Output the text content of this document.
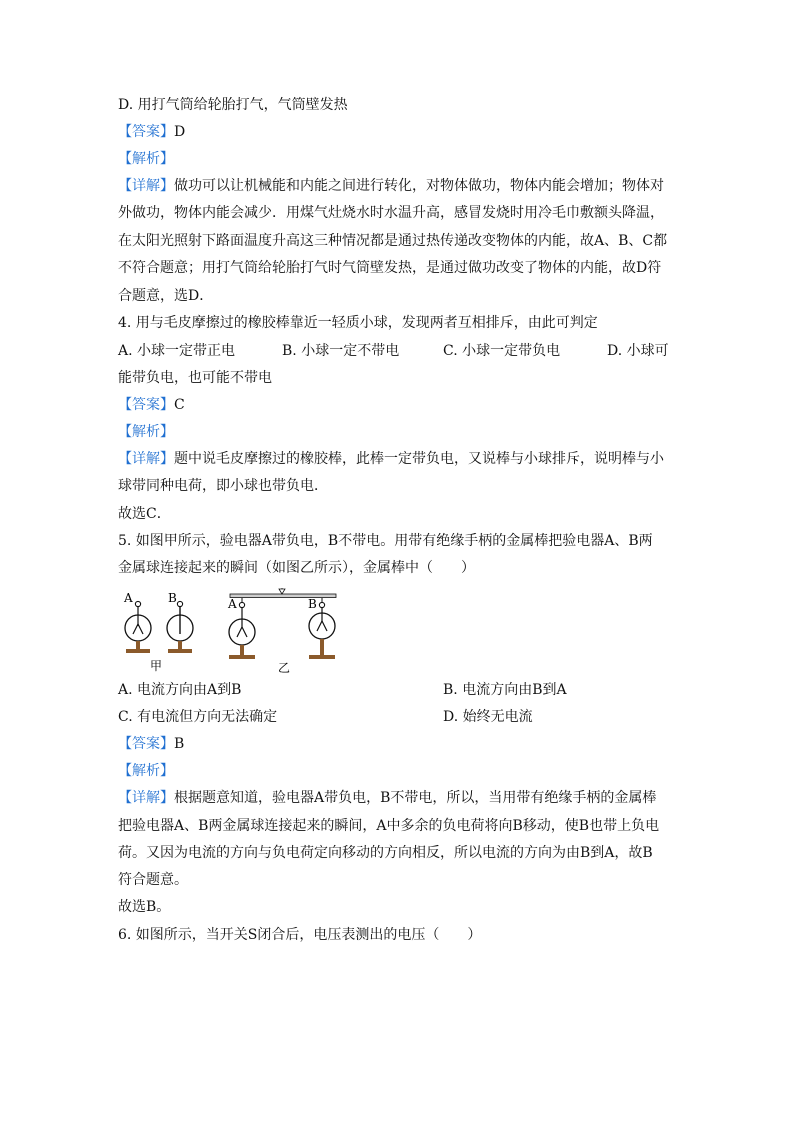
D. 用打气筒给轮胎打气，气筒壁发热
【答案】D
【解析】
【详解】做功可以让机械能和内能之间进行转化，对物体做功，物体内能会增加；物体对
外做功，物体内能会减少．用煤气灶烧水时水温升高，感冒发烧时用冷毛巾敷额头降温，
在太阳光照射下路面温度升高这三种情况都是通过热传递改变物体的内能，故A、B、C都
不符合题意；用打气筒给轮胎打气时气筒壁发热，是通过做功改变了物体的内能，故D符
合题意，选D．
4. 用与毛皮摩擦过的橡胶棒靠近一轻质小球，发现两者互相排斥，由此可判定
A. 小球一定带正电	B. 小球一定不带电	C. 小球一定带负电	D. 小球可
能带负电，也可能不带电
【答案】C
【解析】
【详解】题中说毛皮摩擦过的橡胶棒，此棒一定带负电，又说棒与小球排斥，说明棒与小
球带同种电荷，即小球也带负电．
故选C．
5. 如图甲所示，验电器A带负电，B不带电。用带有绝缘手柄的金属棒把验电器A、B两
金属球连接起来的瞬间（如图乙所示），金属棒中（　　）
A	B	A	B
甲	乙
A. 电流方向由A到B	B. 电流方向由B到A
C. 有电流但方向无法确定	D. 始终无电流
【答案】B
【解析】
【详解】根据题意知道，验电器A带负电，B不带电，所以，当用带有绝缘手柄的金属棒
把验电器A、B两金属球连接起来的瞬间，A中多余的负电荷将向B移动，使B也带上负电
荷。又因为电流的方向与负电荷定向移动的方向相反，所以电流的方向为由B到A，故B
符合题意。
故选B。
6. 如图所示，当开关S闭合后，电压表测出的电压（　　）
